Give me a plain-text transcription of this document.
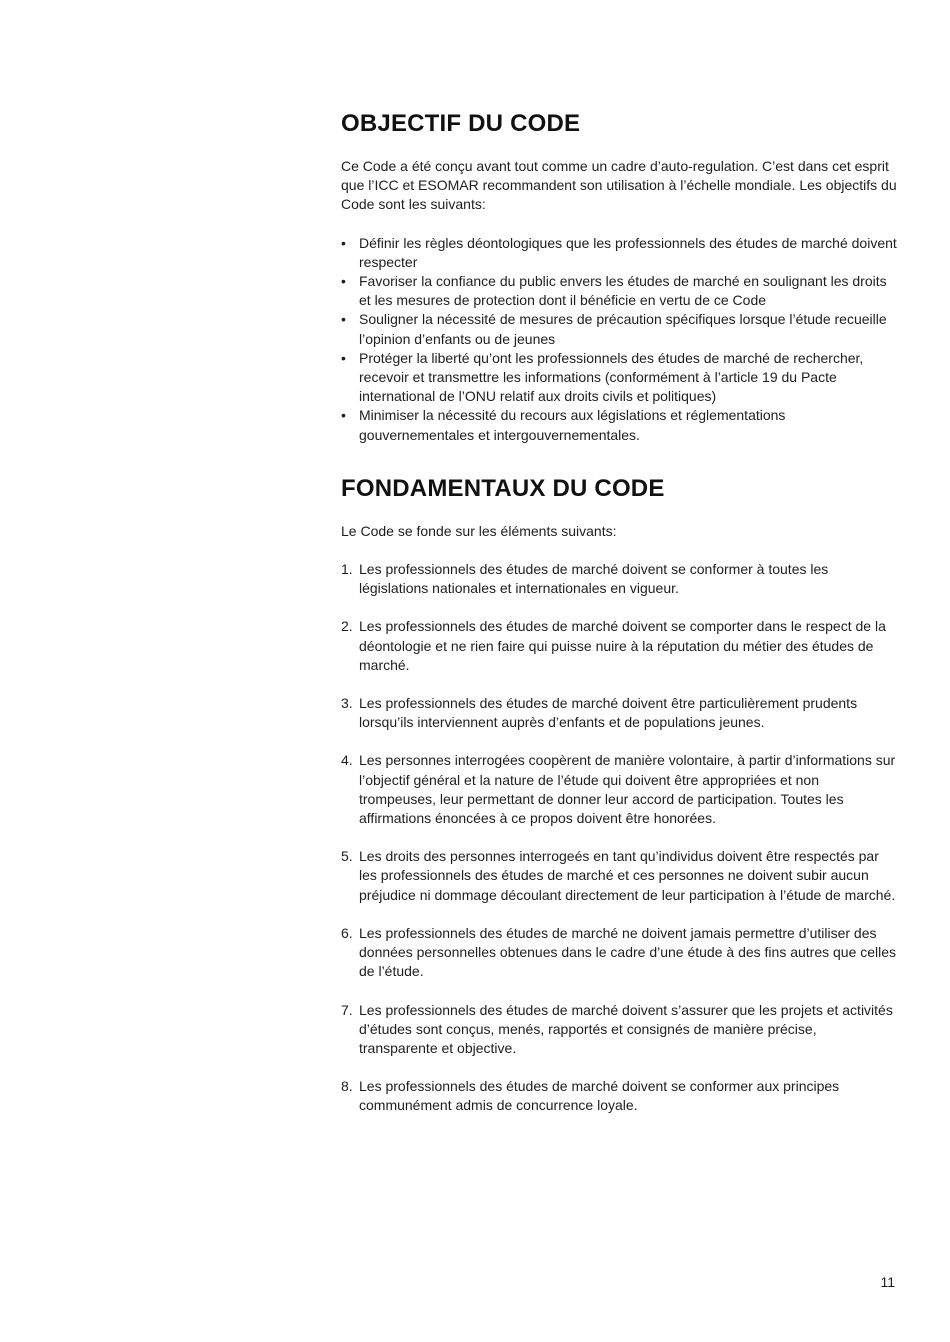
OBJECTIF DU CODE

Ce Code a été conçu avant tout comme un cadre d’auto-regulation. C’est dans cet esprit que l’ICC et ESOMAR recommandent son utilisation à l’échelle mondiale. Les objectifs du Code sont les suivants:

• Définir les règles déontologiques que les professionnels des études de marché doivent respecter
• Favoriser la confiance du public envers les études de marché en soulignant les droits et les mesures de protection dont il bénéficie en vertu de ce Code
• Souligner la nécessité de mesures de précaution spécifiques lorsque l’étude recueille l’opinion d’enfants ou de jeunes
• Protéger la liberté qu’ont les professionnels des études de marché de rechercher, recevoir et transmettre les informations (conformément à l’article 19 du Pacte international de l’ONU relatif aux droits civils et politiques)
• Minimiser la nécessité du recours aux législations et réglementations gouvernementales et intergouvernementales.
FONDAMENTAUX DU CODE

Le Code se fonde sur les éléments suivants:

1. Les professionnels des études de marché doivent se conformer à toutes les législations nationales et internationales en vigueur.
2. Les professionnels des études de marché doivent se comporter dans le respect de la déontologie et ne rien faire qui puisse nuire à la réputation du métier des études de marché.
3. Les professionnels des études de marché doivent être particulièrement prudents lorsqu’ils interviennent auprès d’enfants et de populations jeunes.
4. Les personnes interrogées coopèrent de manière volontaire, à partir d’informations sur l’objectif général et la nature de l’étude qui doivent être appropriées et non trompeuses, leur permettant de donner leur accord de participation. Toutes les affirmations énoncées à ce propos doivent être honorées.
5. Les droits des personnes interrogeés en tant qu’individus doivent être respectés par les professionnels des études de marché et ces personnes ne doivent subir aucun préjudice ni dommage découlant directement de leur participation à l’étude de marché.
6. Les professionnels des études de marché ne doivent jamais permettre d’utiliser des données personnelles obtenues dans le cadre d’une étude à des fins autres que celles de l’étude.
7. Les professionnels des études de marché doivent s’assurer que les projets et activités d’études sont conçus, menés, rapportés et consignés de manière précise, transparente et objective.
8. Les professionnels des études de marché doivent se conformer aux principes communément admis de concurrence loyale.
11
